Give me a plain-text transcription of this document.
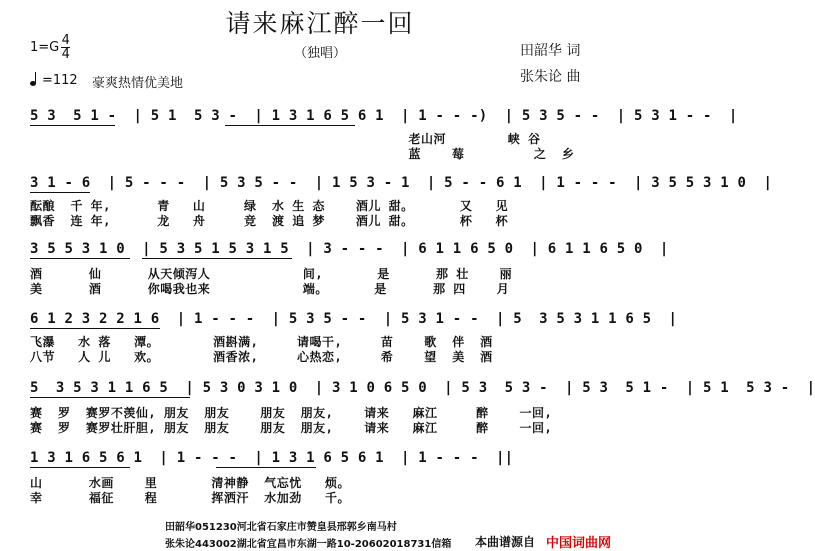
请来麻江醉一回
（独唱）
$1=G \frac{4}{4}$	田韶华 词
张朱论 曲
=112 豪爽热情优美地
5 3  5 1 -  | 5 1  5 3 -  | 1 3 1 6 5 6 1  | 1 - - -)  | 5 3 5 - -  | 5 3 1 - -  |
老山河        峡 谷
蓝    莓         之  乡
3 1 - 6  | 5 - - -  | 5 3 5 - -  | 1 5 3 - 1  | 5 - - 6 1  | 1 - - -  | 3 5 5 3 1 0  |
酝酿  千 年,      青   山     绿  水 生 态    酒儿 甜。      又   见
飘香  连 年,      龙   舟     竞  渡 追 梦    酒儿 甜。      杯   杯
3 5 5 3 1 0  | 5 3 5 1 5 3 1 5  | 3 - - -  | 6 1 1 6 5 0  | 6 1 1 6 5 0  |
酒      仙      从天倾泻人            间,       是      那 壮    丽
美      酒      你喝我也来            端。      是      那 四    月
6 1 2 3 2 2 1 6  | 1 - - -  | 5 3 5 - -  | 5 3 1 - -  | 5  3 5 3 1 1 6 5  |
飞瀑   水 落   潭。       酒斟满,     请喝干,     苗    歌  伴  酒
八节   人 儿   欢。       酒香浓,     心热恋,     希    望  美  酒
5  3 5 3 1 1 6 5  | 5 3 0 3 1 0  | 3 1 0 6 5 0  | 5 3  5 3 -  | 5 3  5 1 -  | 5 1  5 3 -  |
赛  罗  赛罗不羡仙, 朋友  朋友    朋友  朋友,    请来   麻江     醉    一回,
赛  罗  赛罗壮肝胆, 朋友  朋友    朋友  朋友,    请来   麻江     醉    一回,
1 3 1 6 5 6 1  | 1 - - -  | 1 3 1 6 5 6 1  | 1 - - -  ||
山      水画    里       清神静  气忘忧   烦。
幸      福征    程       挥洒汗  水加劲   千。
田韶华051230河北省石家庄市赞皇县邢郭乡南马村
张朱论443002湖北省宜昌市东湖一路10-20602018731信箱 本曲谱源自 中国词曲网
